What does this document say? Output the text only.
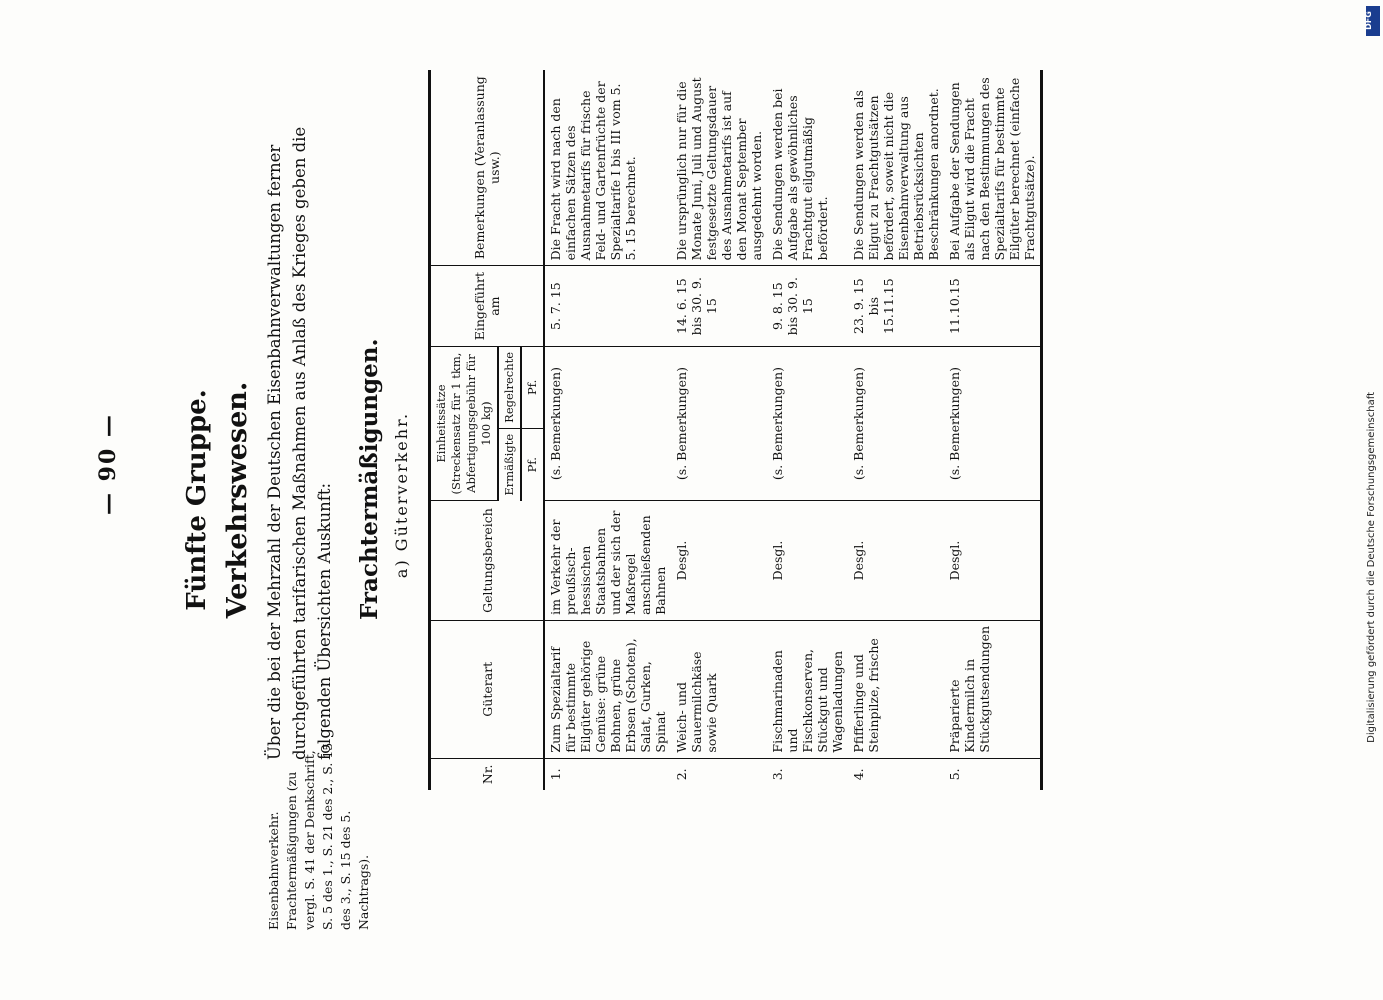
— 90 — Fünfte Gruppe. Verkehrswesen.
Eisenbahnverkehr. Frachtermäßigungen (zu vergl. S. 41 der Denkschrift, S. 5 des 1., S. 21 des 2., S. 15 des 3., S. 15 des 5. Nachtrags).
Über die bei der Mehrzahl der Deutschen Eisenbahnverwaltungen ferner durchgeführten tarifarischen Maßnahmen aus Anlaß des Krieges geben die folgenden Übersichten Auskunft:
Frachtermäßigungen. a) Güterverkehr.
Nr.	Güterart	Geltungsbereich	Einheitssätze (Streckensatz für 1 tkm, Abfertigungsgebühr für 100 kg)		Eingeführt am	Bemerkungen (Veranlassung usw.)
			Ermäßigte	Regelrechte		
			Pf.	Pf.		
1.	Zum Spezialtarif für bestimmte Eilgüter gehörige Gemüse: grüne Bohnen, grüne Erbsen (Schoten), Salat, Gurken, Spinat	im Verkehr der preußisch-hessischen Staatsbahnen und der sich der Maßregel anschließenden Bahnen	(s. Bemerkungen)		5. 7. 15	Die Fracht wird nach den einfachen Sätzen des Ausnahmetarifs für frische Feld- und Gartenfrüchte der Spezialtarife I bis III vom 5. 5. 15 berechnet.
2.	Weich- und Sauermilchkäse sowie Quark	Desgl.	(s. Bemerkungen)		14. 6. 15 bis 30. 9. 15	Die ursprünglich nur für die Monate Juni, Juli und August festgesetzte Geltungsdauer des Ausnahmetarifs ist auf den Monat September ausgedehnt worden.
3.	Fischmarinaden und Fischkonserven, Stückgut und Wagenladungen	Desgl.	(s. Bemerkungen)		9. 8. 15 bis 30. 9. 15	Die Sendungen werden bei Aufgabe als gewöhnliches Frachtgut eilgutmäßig befördert.
4.	Pfifferlinge und Steinpilze, frische	Desgl.	(s. Bemerkungen)		23. 9. 15 bis 15.11.15	Die Sendungen werden als Eilgut zu Frachtgutsätzen befördert, soweit nicht die Eisenbahnverwaltung aus Betriebsrücksichten Beschränkungen anordnet.
5.	Präparierte Kindermilch in Stückgutsendungen	Desgl.	(s. Bemerkungen)		11.10.15	Bei Aufgabe der Sendungen als Eilgut wird die Fracht nach den Bestimmungen des Spezialtarifs für bestimmte Eilgüter berechnet (einfache Frachtgutsätze).
DFG
Digitalisierung gefördert durch die Deutsche Forschungsgemeinschaft
